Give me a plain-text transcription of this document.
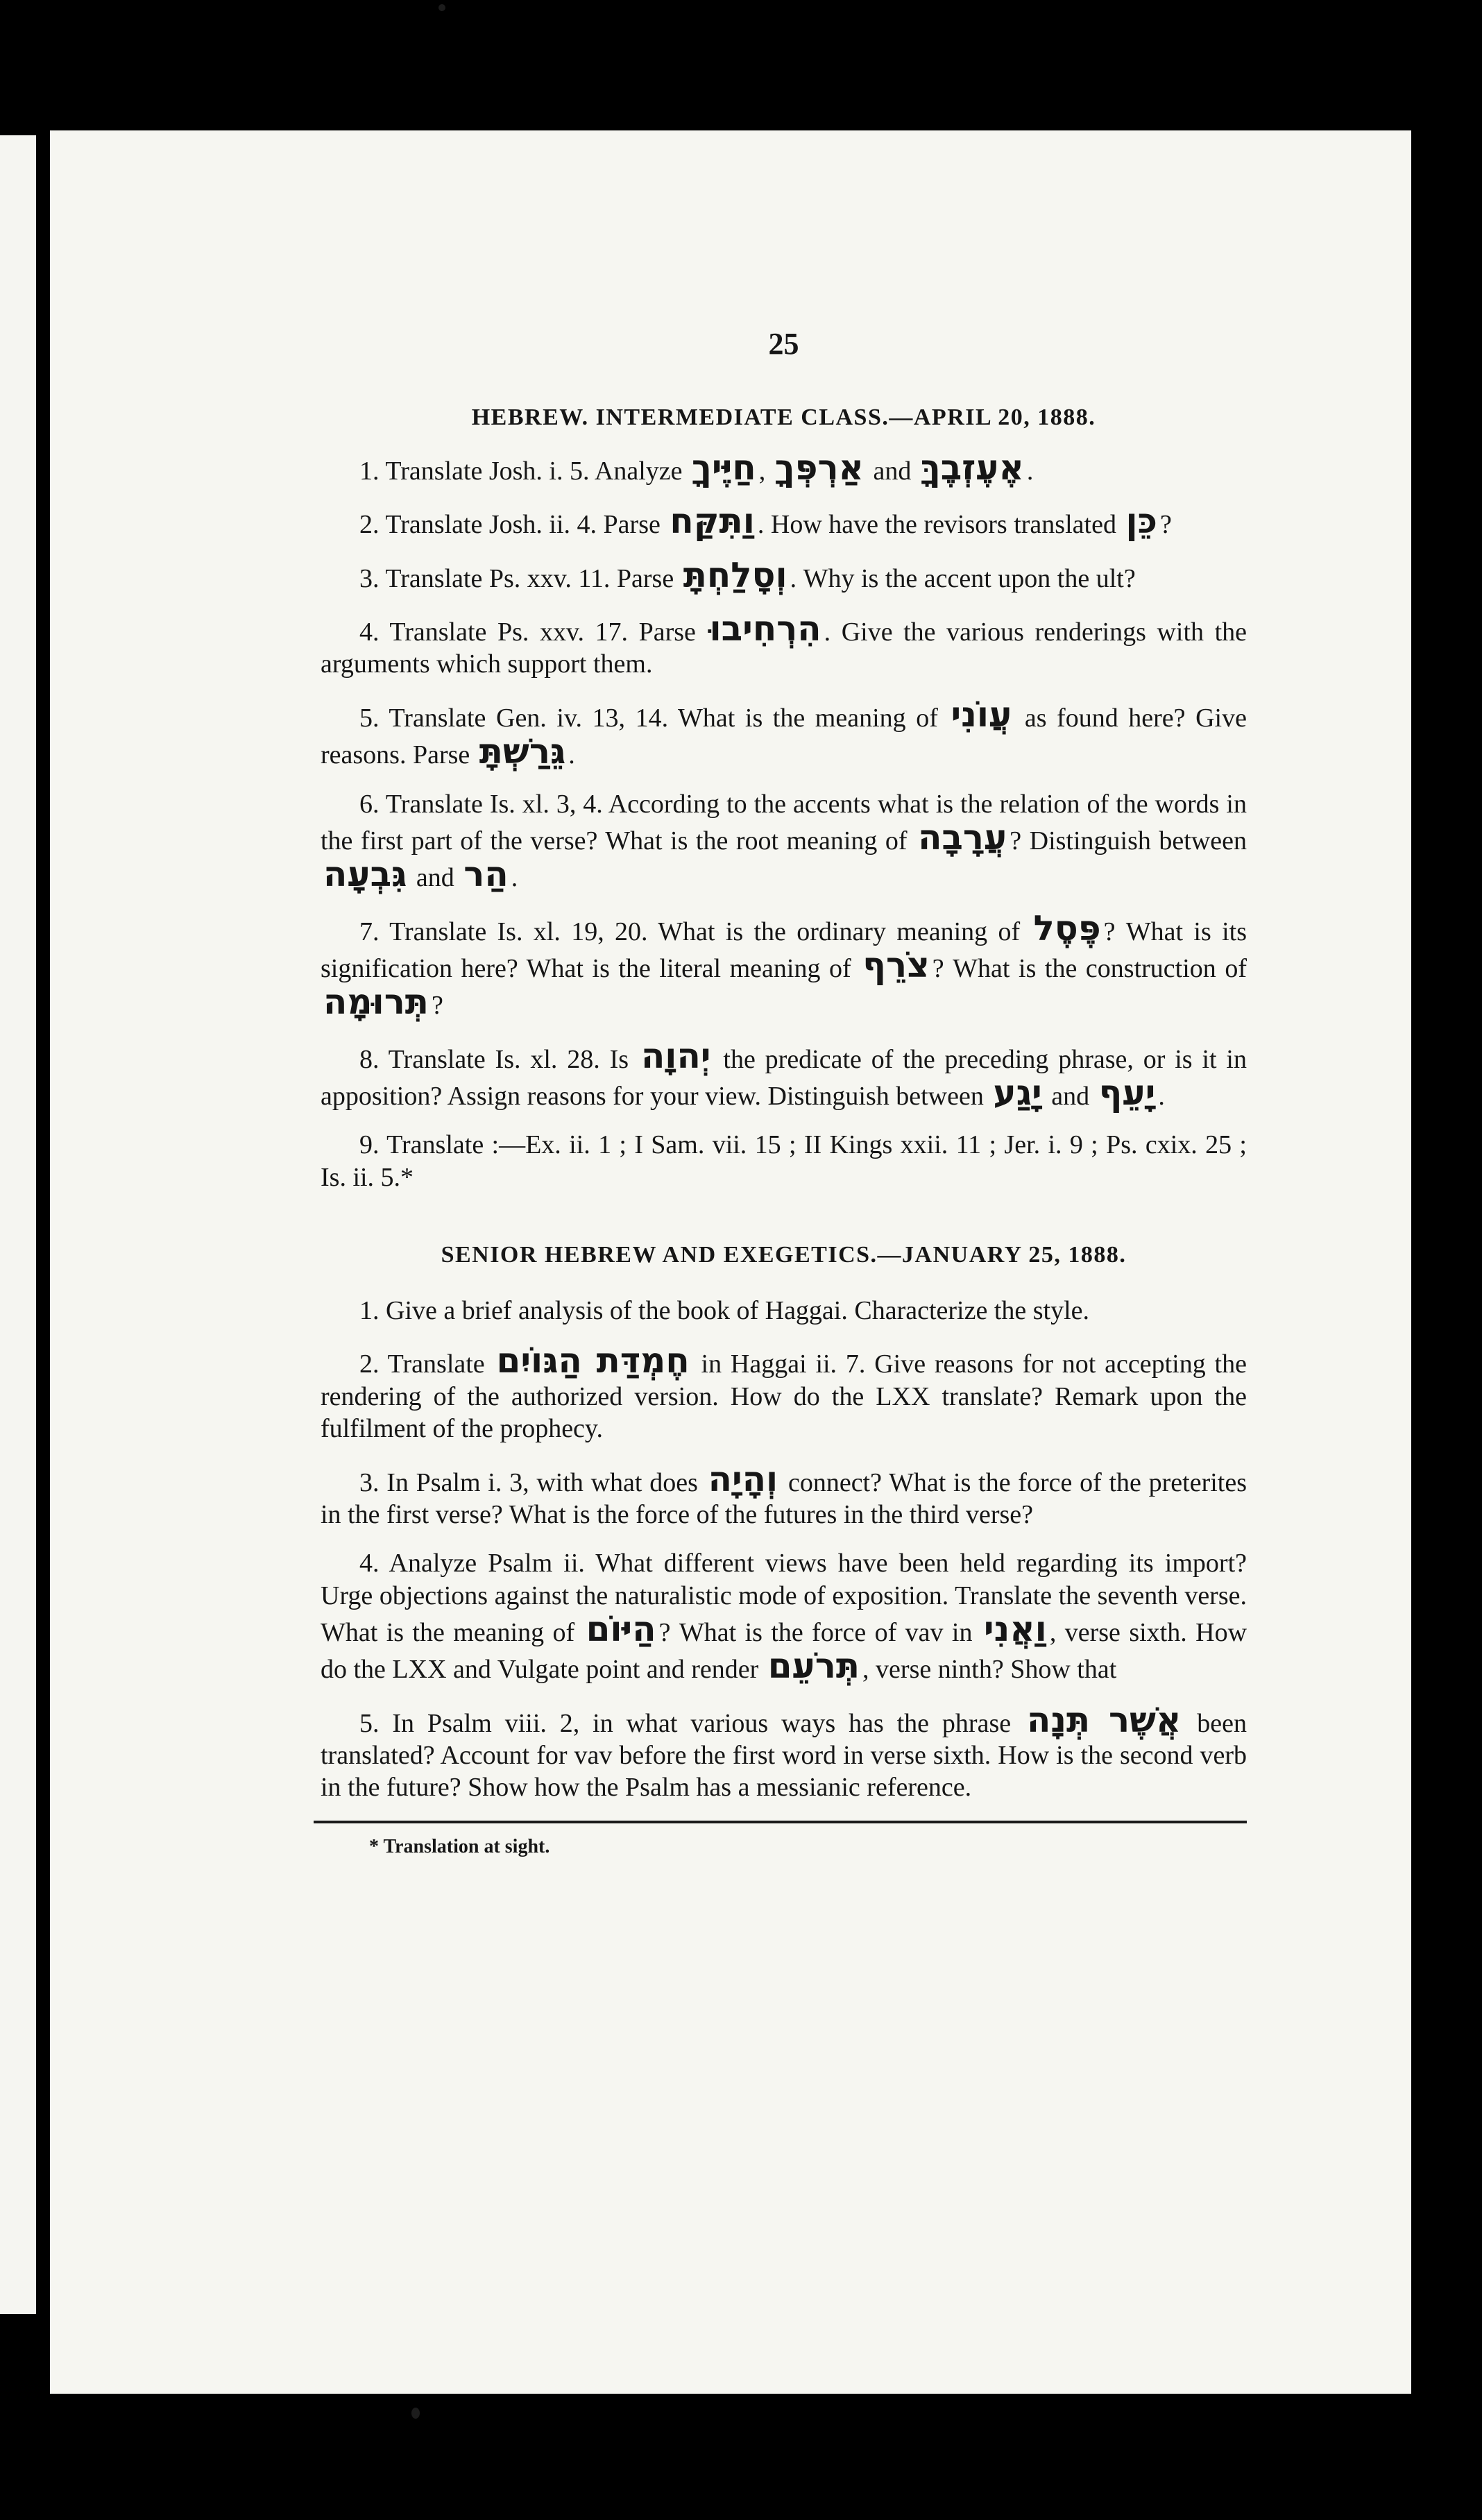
25
HEBREW. INTERMEDIATE CLASS.—APRIL 20, 1888.

1. Translate Josh. i. 5. Analyze חַיֶּיךָ , אַרְפְּךָ and אֶעֶזְבֶךָּ .

2. Translate Josh. ii. 4. Parse וַתִּקַּח . How have the revisors translated כֵּן ?

3. Translate Ps. xxv. 11. Parse וְסָלַחְתָּ . Why is the accent upon the ult?

4. Translate Ps. xxv. 17. Parse הִרְחִיבוּ . Give the various renderings with the arguments which support them.

5. Translate Gen. iv. 13, 14. What is the meaning of עֲוֺנִי as found here? Give reasons. Parse גֵּרַשְׁתָּ .

6. Translate Is. xl. 3, 4. According to the accents what is the relation of the words in the first part of the verse? What is the root meaning of עֲרָבָה ? Distinguish between גִּבְעָה and הַר .

7. Translate Is. xl. 19, 20. What is the ordinary meaning of פֶּסֶל ? What is its signification here? What is the literal meaning of צֹרֵף ? What is the construction of תְּרוּמָה ?

8. Translate Is. xl. 28. Is יְהוָה the predicate of the preceding phrase, or is it in apposition? Assign reasons for your view. Distinguish between יָגַע and יָעֵף .

9. Translate :—Ex. ii. 1 ; I Sam. vii. 15 ; II Kings xxii. 11 ; Jer. i. 9 ; Ps. cxix. 25 ; Is. ii. 5.*

SENIOR HEBREW AND EXEGETICS.—JANUARY 25, 1888.

1. Give a brief analysis of the book of Haggai. Characterize the style.

2. Translate חֶמְדַּת הַגּוֹיִם in Haggai ii. 7. Give reasons for not accepting the rendering of the authorized version. How do the LXX translate? Remark upon the fulfilment of the prophecy.

3. In Psalm i. 3, with what does וְהָיָה connect? What is the force of the preterites in the first verse? What is the force of the futures in the third verse?

4. Analyze Psalm ii. What different views have been held regarding its import? Urge objections against the naturalistic mode of exposition. Translate the seventh verse. What is the meaning of הַיּוֹם ? What is the force of vav in וַאֲנִי , verse sixth. How do the LXX and Vulgate point and render תְּרֹעֵם , verse ninth? Show that

5. In Psalm viii. 2, in what various ways has the phrase אֲשֶׁר תְּנָה been translated? Account for vav before the first word in verse sixth. How is the second verb in the future? Show how the Psalm has a messianic reference.

* Translation at sight.
